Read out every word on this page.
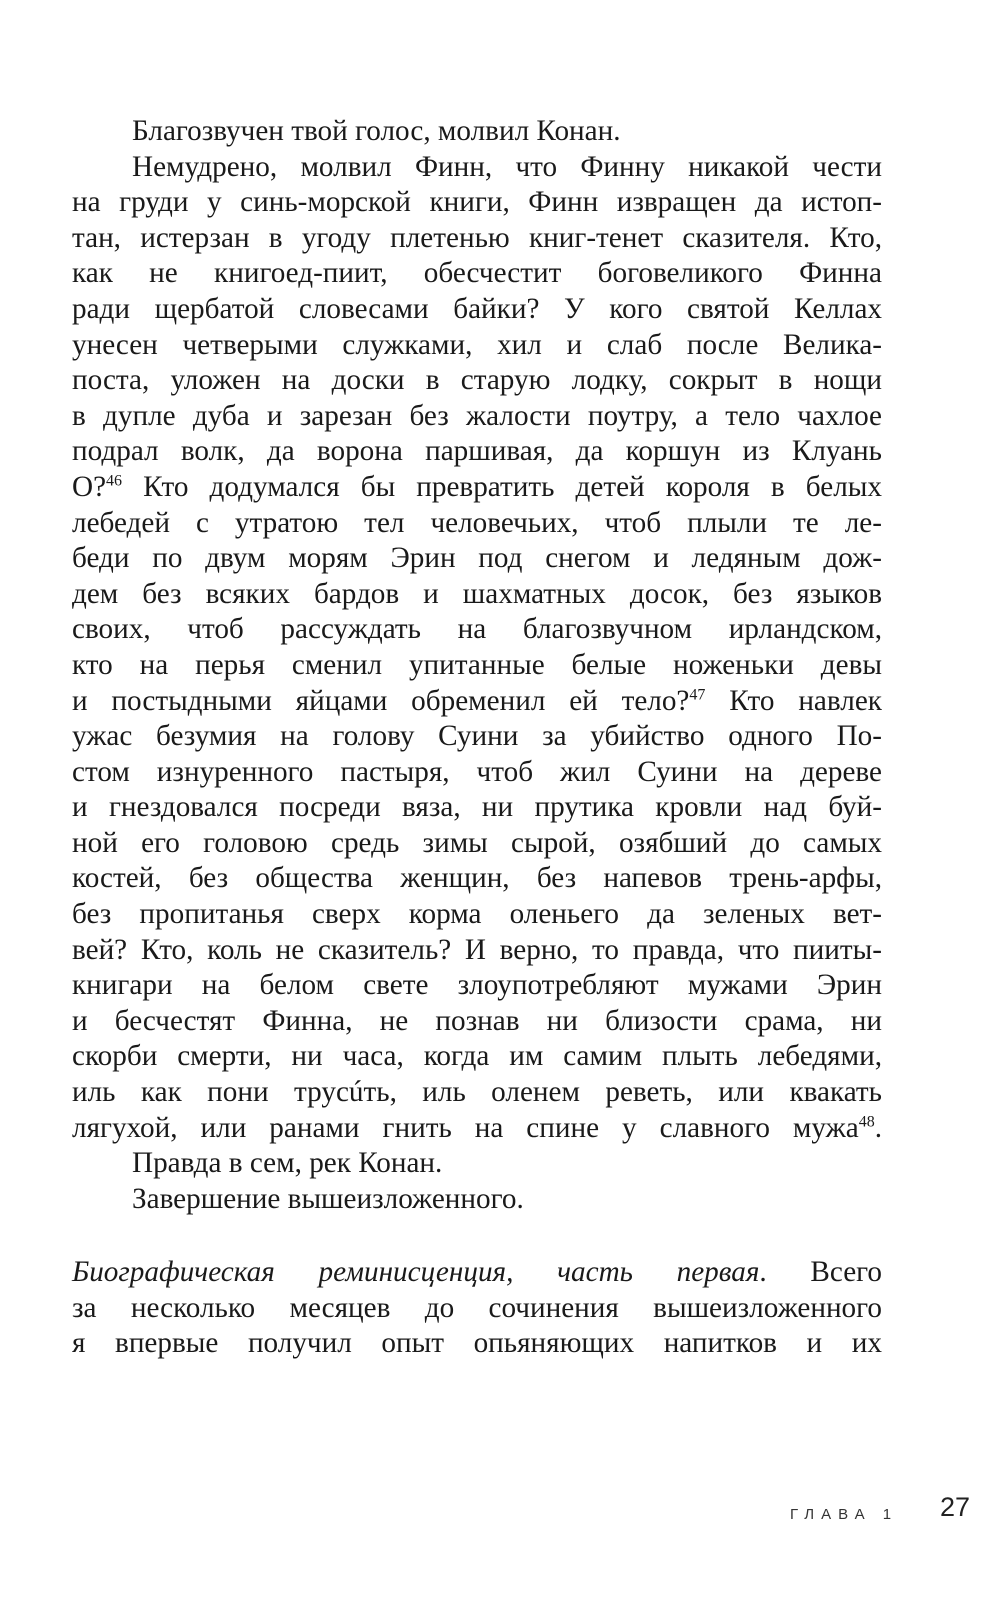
Благозвучен твой голос, молвил Конан.
Немудрено, молвил Финн, что Финну никакой чести
на груди у синь-морской книги, Финн извращен да истоп-
тан, истерзан в угоду плетенью книг-тенет сказителя. Кто,
как не книгоед-пиит, обесчестит боговеликого Финна
ради щербатой словесами байки? У кого святой Келлах
унесен четверыми служками, хил и слаб после Велика-
поста, уложен на доски в старую лодку, сокрыт в нощи
в дупле дуба и зарезан без жалости поутру, а тело чахлое
подрал волк, да ворона паршивая, да коршун из Клуань
О?$^{46}$ Кто додумался бы превратить детей короля в белых
лебедей с утратою тел человечьих, чтоб плыли те ле-
беди по двум морям Эрин под снегом и ледяным дож-
дем без всяких бардов и шахматных досок, без языков
своих, чтоб рассуждать на благозвучном ирландском,
кто на перья сменил упитанные белые ноженьки девы
и постыдными яйцами обременил ей тело?$^{47}$ Кто навлек
ужас безумия на голову Суини за убийство одного По-
стом изнуренного пастыря, чтоб жил Суини на дереве
и гнездовался посреди вяза, ни прутика кровли над буй-
ной его головою средь зимы сырой, озябший до самых
костей, без общества женщин, без напевов трень-арфы,
без пропитанья сверх корма оленьего да зеленых вет-
вей? Кто, коль не сказитель? И верно, то правда, что пииты-
книгари на белом свете злоупотребляют мужами Эрин
и бесчестят Финна, не познав ни близости срама, ни
скорби смерти, ни часа, когда им самим плыть лебедями,
иль как пони трусúть, иль оленем реветь, или квакать
лягухой, или ранами гнить на спине у славного мужа$^{48}$.
Правда в сем, рек Конан.
Завершение вышеизложенного.
Биографическая реминисценция, часть первая. Всего
за несколько месяцев до сочинения вышеизложенного
я впервые получил опыт опьяняющих напитков и их
ГЛАВА 1 27
